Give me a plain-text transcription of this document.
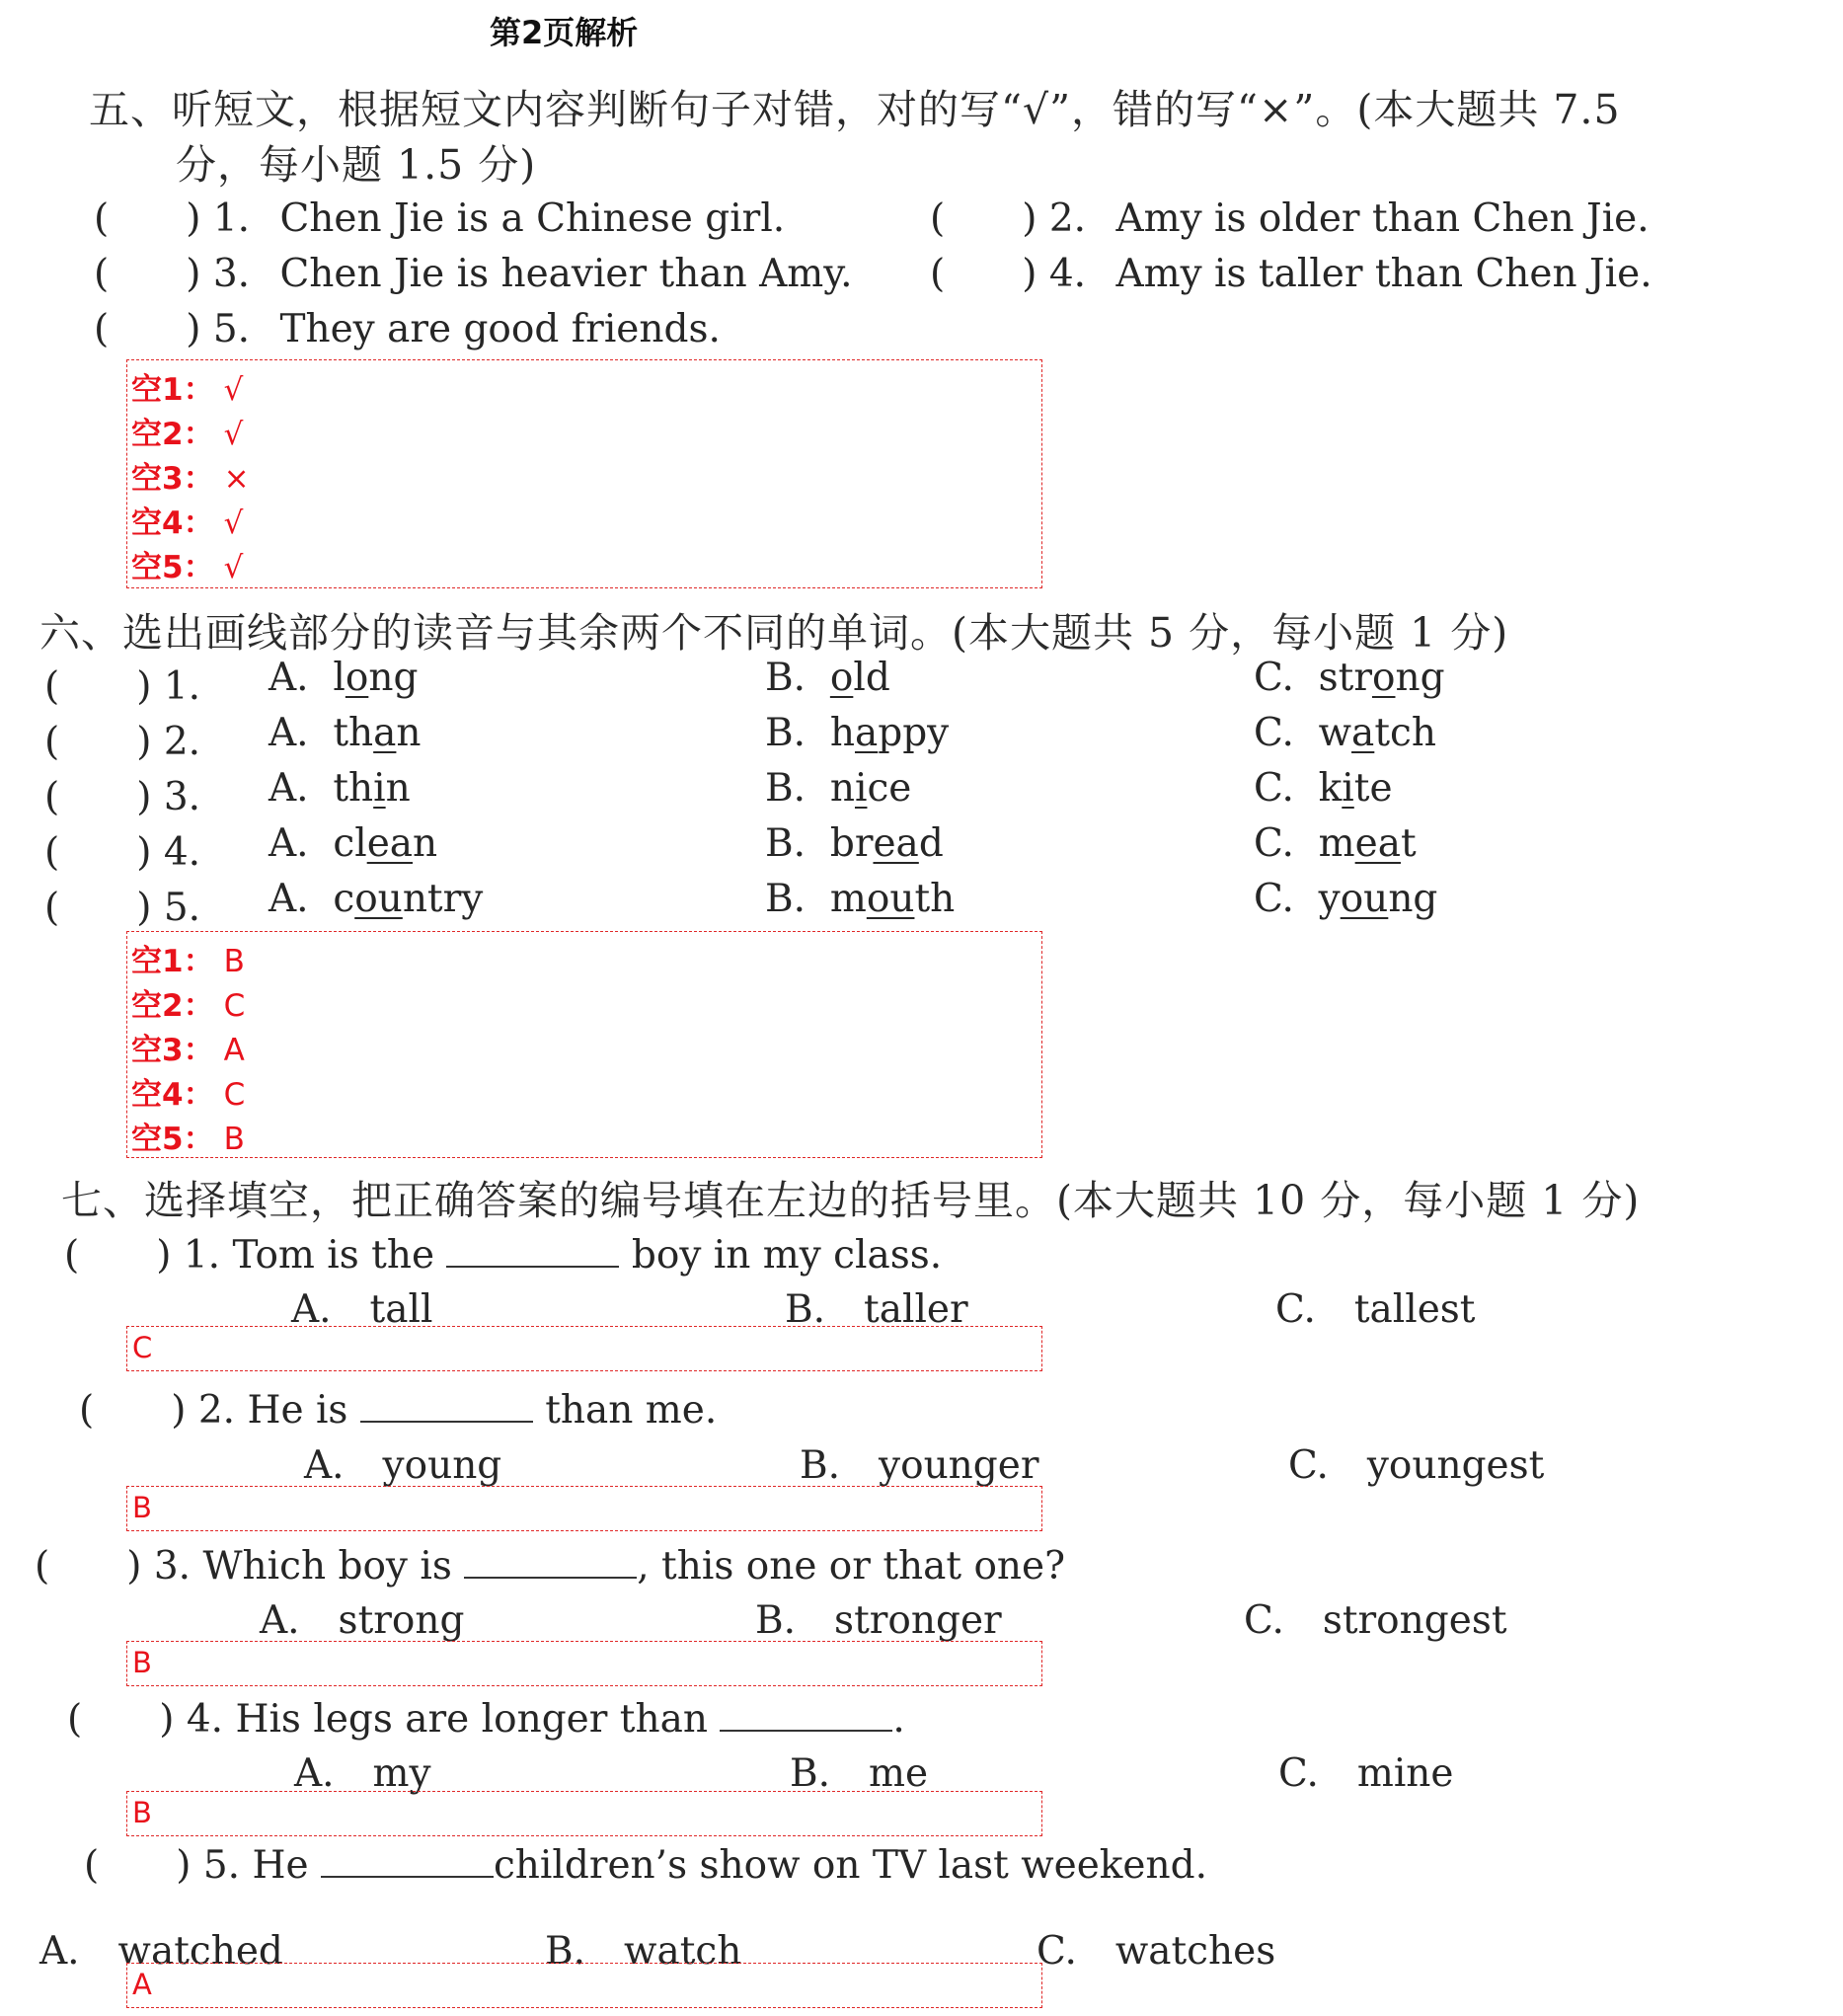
第2页解析
五、听短文，根据短文内容判断句子对错，对的写“√”，错的写“×”。(本大题共 7.5
分，每小题 1.5 分)
(　　) 1. Chen Jie is a Chinese girl.	(　　) 2. Amy is older than Chen Jie.
(　　) 3. Chen Jie is heavier than Amy. (　　) 4. Amy is taller than Chen Jie.
(　　) 5. They are good friends.
空1： √
空2： √
空3： ×
空4： √
空5： √
六、选出画线部分的读音与其余两个不同的单词。(本大题共 5 分，每小题 1 分)
(　　) 1. A. long	B. old	C. strong
(　　) 2. A. than	B. happy	C. watch
(　　) 3. A. thin	B. nice	C. kite
(　　) 4. A. clean	B. bread	C. meat
(　　) 5. A. country	B. mouth	C. young
空1： B
空2： C
空3： A
空4： C
空5： B
七、选择填空，把正确答案的编号填在左边的括号里。(本大题共 10 分，每小题 1 分)
(　　) 1. Tom is the	boy in my class.
A.　tall	B.　taller	C.　tallest
C
(　　) 2. He is	than me.
A.　young	B.　younger	C.　youngest
B
(　　) 3. Which boy is	, this one or that one?
A.　strong	B.　stronger	C.　strongest
B
(　　) 4. His legs are longer than	.
A.　my	B.　me	C.　mine
B
(　　) 5. He	children’s show on TV last weekend.
A.　watched	B.　watch	C.　watches
A
